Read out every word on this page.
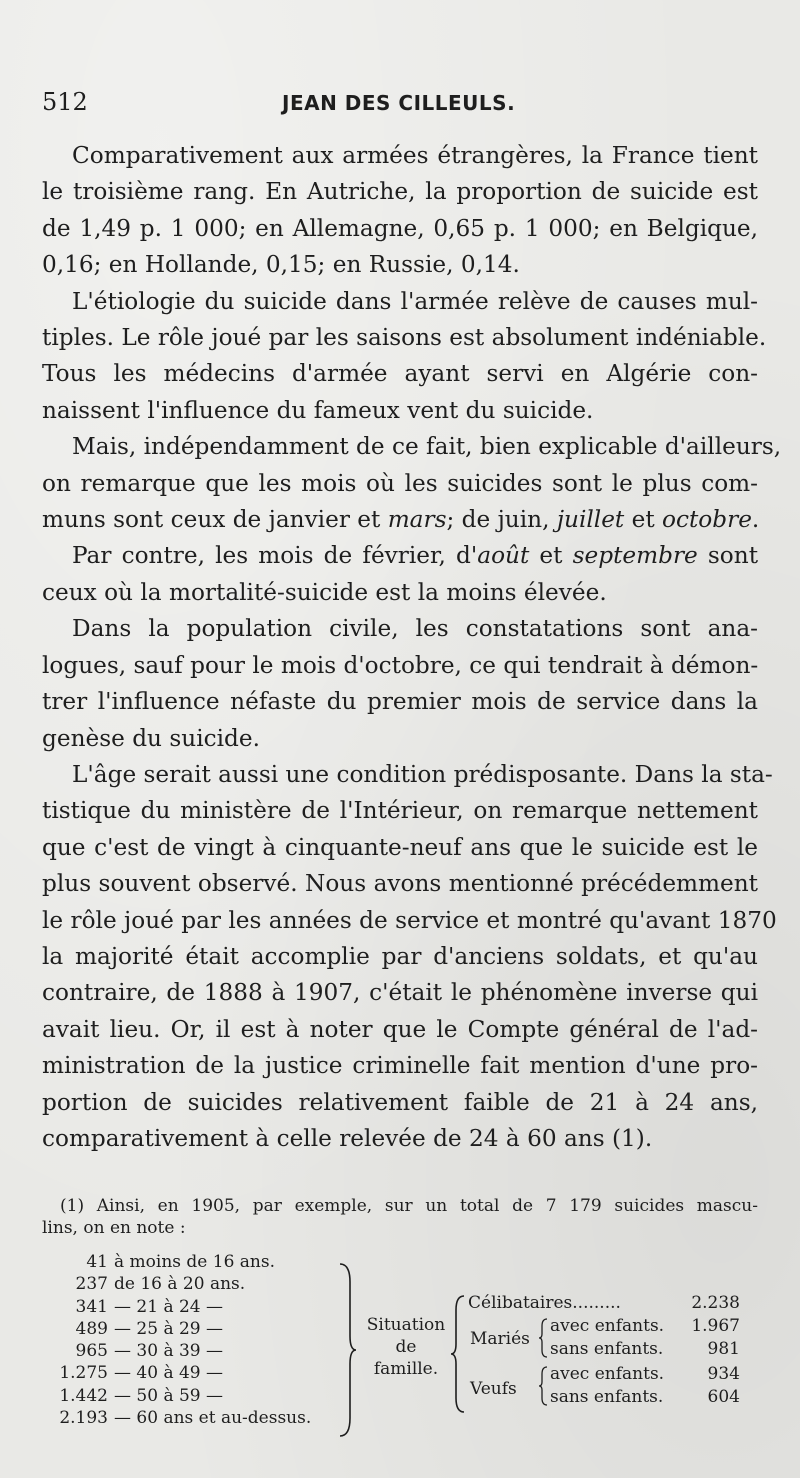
512	JEAN DES CILLEULS.
Comparativement aux armées étrangères, la France tient
le troisième rang. En Autriche, la proportion de suicide est
de 1,49 p. 1 000; en Allemagne, 0,65 p. 1 000; en Belgique,
0,16; en Hollande, 0,15; en Russie, 0,14.
L'étiologie du suicide dans l'armée relève de causes mul-
tiples. Le rôle joué par les saisons est absolument indéniable.
Tous les médecins d'armée ayant servi en Algérie con-
naissent l'influence du fameux vent du suicide.
Mais, indépendamment de ce fait, bien explicable d'ailleurs,
on remarque que les mois où les suicides sont le plus com-
muns sont ceux de janvier et mars; de juin, juillet et octobre.
Par contre, les mois de février, d'août et septembre sont
ceux où la mortalité-suicide est la moins élevée.
Dans la population civile, les constatations sont ana-
logues, sauf pour le mois d'octobre, ce qui tendrait à démon-
trer l'influence néfaste du premier mois de service dans la
genèse du suicide.
L'âge serait aussi une condition prédisposante. Dans la sta-
tistique du ministère de l'Intérieur, on remarque nettement
que c'est de vingt à cinquante-neuf ans que le suicide est le
plus souvent observé. Nous avons mentionné précédemment
le rôle joué par les années de service et montré qu'avant 1870
la majorité était accomplie par d'anciens soldats, et qu'au
contraire, de 1888 à 1907, c'était le phénomène inverse qui
avait lieu. Or, il est à noter que le Compte général de l'ad-
ministration de la justice criminelle fait mention d'une pro-
portion de suicides relativement faible de 21 à 24 ans,
comparativement à celle relevée de 24 à 60 ans (1).
(1) Ainsi, en 1905, par exemple, sur un total de 7 179 suicides mascu-
lins, on en note :
41 à moins de 16 ans.
237 de 16 à 20 ans.
341 — 21 à 24 —
489 — 25 à 29 —
965 — 30 à 39 —
1.275 — 40 à 49 —
1.442 — 50 à 59 —
2.193 — 60 ans et au-dessus.
Situation
de
famille.
Célibataires.........	2.238
Mariés
avec enfants. 1.967
sans enfants.	981
Veufs
avec enfants.	934
sans enfants.	604
